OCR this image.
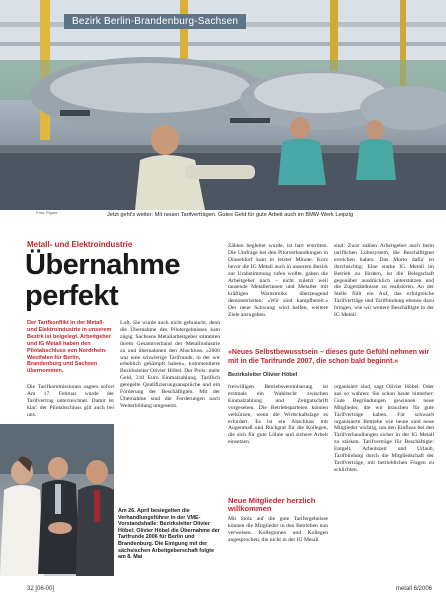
Bezirk Berlin-Brandenburg-Sachsen
Foto: Figure	Jetzt geht's weiter: Mit neuen Tarifverträgen. Gutes Geld für gute Arbeit auch im BMW-Werk Leipzig
Metall- und Elektroindustrie
Übernahme
perfekt
Der Tarifkonflikt in der Metall- und Elektroindustrie in unserem Bezirk ist beigelegt. Arbeitgeber und IG Metall haben den Pilotabschluss von Nordrhein-Westfalen für Berlin, Brandenburg und Sachsen übernommen.
Die Tarifkommissionen sagten sofort Am 17. Februar wurde der Tarifvertrag unterzeichnet. Damit ist klar: der Pilotabschluss gilt auch bei uns.
Luft. Sie wurde auch nicht gebraucht, denn die Übernahme des Pilotergebnisses kam zügig. Sachsens Metallarbeitgeber stimmten ihrem Gesamtverband der Metallindustrie zu und übernahmen den Abschluss. »2006 war eine schwierige Tarifrunde, in der wir erheblich gekämpft haben«, kommentierte Bezirksleiter Olivier Höbel. Der Preis: mehr Geld, 310 Euro Einmalzahlung. Tariflich geregelte Qualifizierungsansprüche und ein Förderung der Beschäftigten. Mit der Übernahme sind die Forderungen nach Weiterbildung umgesetzt.
Zählen begleitet wurde, ist hart erstritten. Die Umfrage bei den Pilotverhandlungen in Düsseldorf kam in letzter Minute. Kurz bevor die IG Metall auch in unserem Bezirk zur Urabstimmung rufen wollte, gaben die Arbeitgeber nach – nicht zuletzt weil tausende Metallerinnen und Metaller mit kräftigen Warnstreiks überzeugend demonstrierten: »Wir sind kampfbereit.« Der neue Schwung wird helfen, weitere Ziele anzugehen.
sind: Zwar zahlen Arbeitgeber auch beim tariflichen Lohnsystem, die Beschäftigten erreichen haben. Das Motto dafür ist durchsichtig: Eine starke IG Metall im Betrieb zu fördern, ist die Belegschaft gegenüber ausdrücklich unterstützen und die Zugeständnisse zu realisieren. An der Stelle füllt ein Auf, das erfolgreiche Tarifverträge und Tarifbindung ebenso dazu bringen, wie wir weitere Beschäftigte in der IG Metall
»Neues Selbstbewusstsein – dieses gute Gefühl nehmen wir mit in die Tarifrunde 2007, die schon bald beginnt.«
Bezirksleiter Olivier Höbel
freiwilligen Betriebsvereinbarung ist erstmals ein Wahlrecht zwischen Einmalzahlung und Zeitgutschrift vorgesehen. Die Betriebsparteien können verkürzen, wenn die Wirtschaftslage es erfordert. Es ist ein Abschluss mit Augenmaß und Rückgrat für die Kollegen, die sich für gute Löhne und sichere Arbeit einsetzen.
Neue Mitglieder herzlich willkommen
Mit Stolz auf die gute Tarifergebnisse können die Mitglieder in den Betrieben nun verweisen. Kolleginnen und Kollegen angesprochen, die nicht in der IG Metall
organisiert sind, sagt Olivier Höbel. Oder aus so wahren: Sie schon heute hinterher: Gute Begründungen gewinnen neue Mitglieder, die wir brauchen für gute Tarifverträge haben. Für schwach organisierte Betriebe wie heute sind neue Mitglieder wichtig, um den Einfluss bei den Tarifverhandlungen sicher in der IG Metall zu stärken. Tarifverträge für Beschäftigte: Entgelt, Arbeitszeit und Urlaub, Tarifbindung durch die Mitgliedschaft der Tarifverträge, mit betrieblichen Fragen zu schlichten.
Am 26. April besiegelten die Verhandlungsführer in der VME-Vorstandshalle: Bezirksleiter Olivier Höbel: Olivier Höbel die Übernahme der Tarifrunde 2006 für Berlin und Brandenburg. Die Einigung mit der sächsischen Arbeitgeberschaft folgte am 8. Mai
32 [06-00]	metall 6/2006
